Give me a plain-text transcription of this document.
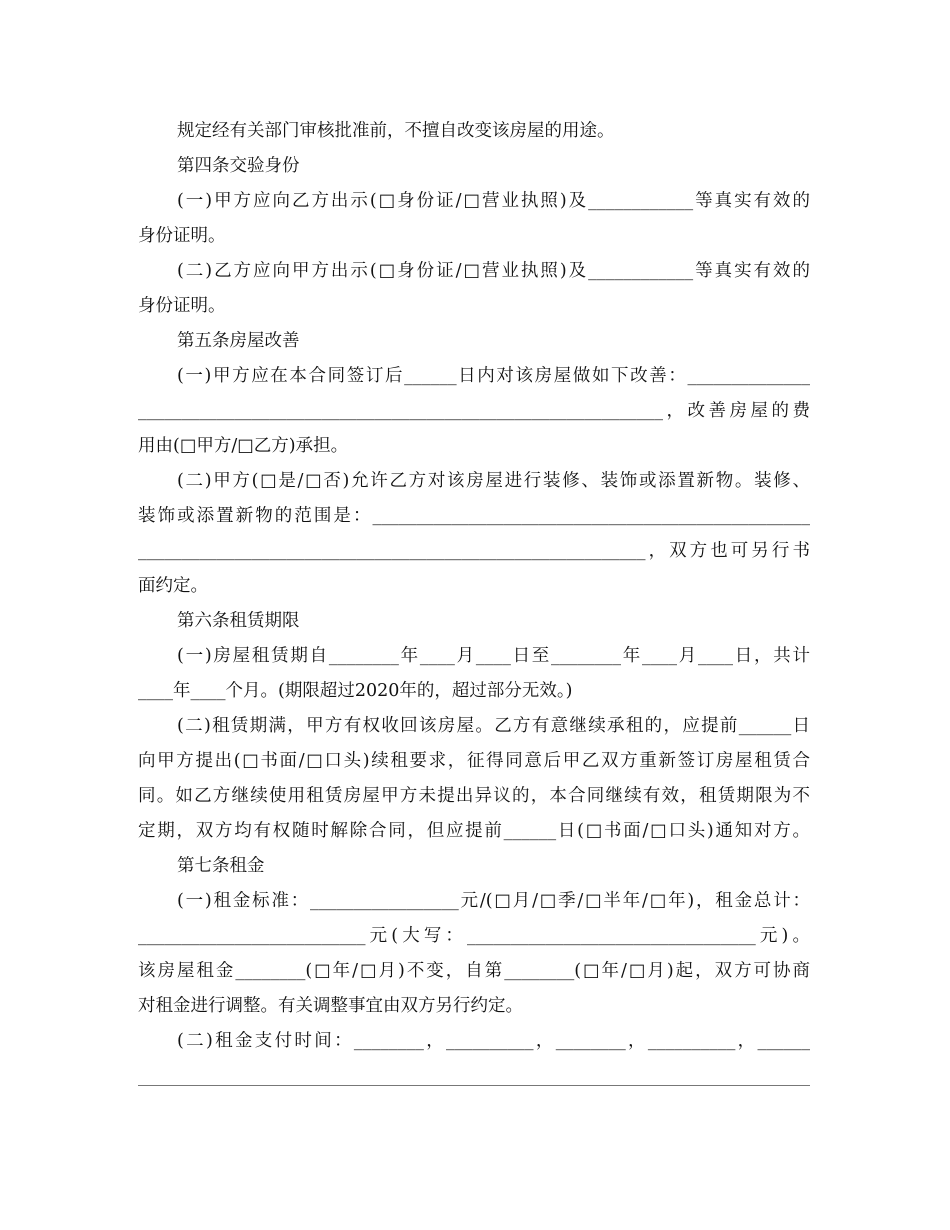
规定经有关部门审核批准前，不擅自改变该房屋的用途。
第四条交验身份
(一)甲方应向乙方出示(□身份证/□营业执照)及____________等真实有效的
身份证明。
(二)乙方应向甲方出示(□身份证/□营业执照)及____________等真实有效的
身份证明。
第五条房屋改善
(一)甲方应在本合同签订后______日内对该房屋做如下改善：______________
____________________________________________________________，改善房屋的费
用由(□甲方/□乙方)承担。
(二)甲方(□是/□否)允许乙方对该房屋进行装修、装饰或添置新物。装修、
装饰或添置新物的范围是：__________________________________________________
__________________________________________________________，双方也可另行书
面约定。
第六条租赁期限
(一)房屋租赁期自________年____月____日至________年____月____日，共计
____年____个月。(期限超过2020年的，超过部分无效。)
(二)租赁期满，甲方有权收回该房屋。乙方有意继续承租的，应提前______日
向甲方提出(□书面/□口头)续租要求，征得同意后甲乙双方重新签订房屋租赁合
同。如乙方继续使用租赁房屋甲方未提出异议的，本合同继续有效，租赁期限为不
定期，双方均有权随时解除合同，但应提前______日(□书面/□口头)通知对方。
第七条租金
(一)租金标准：_________________元/(□月/□季/□半年/□年)，租金总计：
__________________________元(大写：_________________________________元)。
该房屋租金________(□年/□月)不变，自第________(□年/□月)起，双方可协商
对租金进行调整。有关调整事宜由双方另行约定。
(二)租金支付时间：________，__________，________，__________，______
